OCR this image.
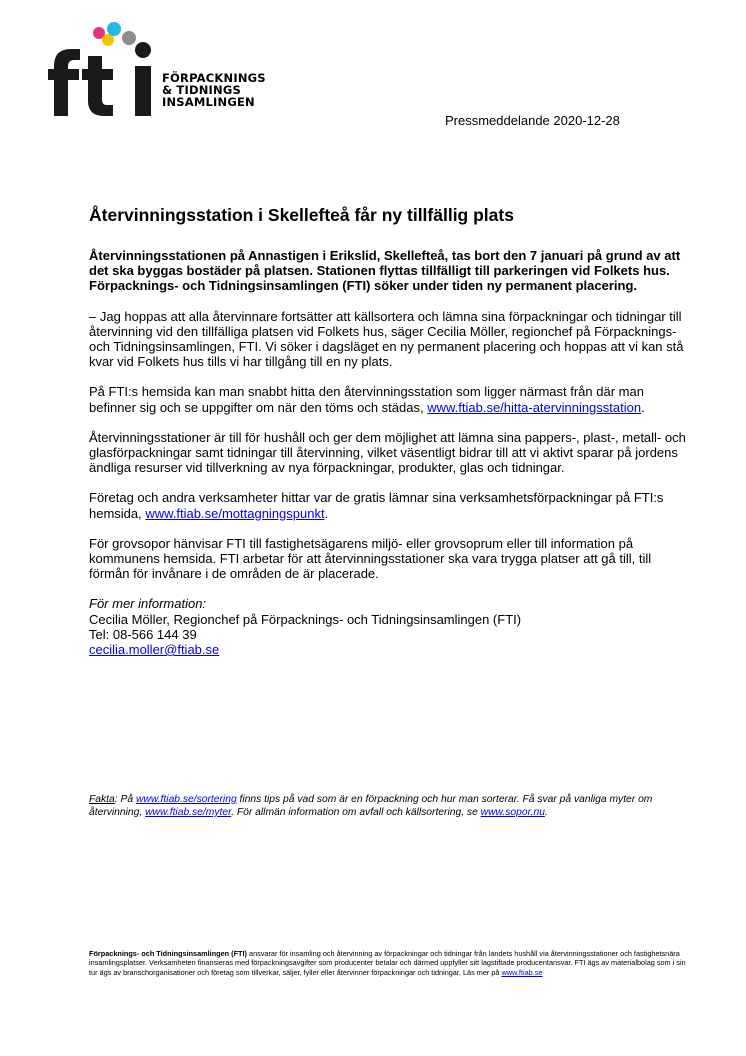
FÖRPACKNINGS
& TIDNINGS
INSAMLINGEN
Pressmeddelande 2020-12-28
Återvinningsstation i Skellefteå får ny tillfällig plats

Återvinningsstationen på Annastigen i Erikslid, Skellefteå, tas bort den 7 januari på grund av att det ska byggas bostäder på platsen. Stationen flyttas tillfälligt till parkeringen vid Folkets hus. Förpacknings- och Tidningsinsamlingen (FTI) söker under tiden ny permanent placering.

– Jag hoppas att alla återvinnare fortsätter att källsortera och lämna sina förpackningar och tidningar till återvinning vid den tillfälliga platsen vid Folkets hus, säger Cecilia Möller, regionchef på Förpacknings- och Tidningsinsamlingen, FTI. Vi söker i dagsläget en ny permanent placering och hoppas att vi kan stå kvar vid Folkets hus tills vi har tillgång till en ny plats.

På FTI:s hemsida kan man snabbt hitta den återvinningsstation som ligger närmast från där man befinner sig och se uppgifter om när den töms och städas, www.ftiab.se/hitta-atervinningsstation.

Återvinningsstationer är till för hushåll och ger dem möjlighet att lämna sina pappers-, plast-, metall- och glasförpackningar samt tidningar till återvinning, vilket väsentligt bidrar till att vi aktivt sparar på jordens ändliga resurser vid tillverkning av nya förpackningar, produkter, glas och tidningar.

Företag och andra verksamheter hittar var de gratis lämnar sina verksamhetsförpackningar på FTI:s hemsida, www.ftiab.se/mottagningspunkt.

För grovsopor hänvisar FTI till fastighetsägarens miljö- eller grovsoprum eller till information på kommunens hemsida. FTI arbetar för att återvinningsstationer ska vara trygga platser att gå till, till förmån för invånare i de områden de är placerade.

För mer information:
Cecilia Möller, Regionchef på Förpacknings- och Tidningsinsamlingen (FTI)
Tel: 08-566 144 39
cecilia.moller@ftiab.se
Fakta: På www.ftiab.se/sortering finns tips på vad som är en förpackning och hur man sorterar. Få svar på vanliga myter om återvinning, www.ftiab.se/myter. För allmän information om avfall och källsortering, se www.sopor.nu.
Förpacknings- och Tidningsinsamlingen (FTI) ansvarar för insamling och återvinning av förpackningar och tidningar från landets hushåll via återvinningsstationer och fastighetsnära insamlingsplatser. Verksamheten finansieras med förpackningsavgifter som producenter betalar och därmed uppfyller sitt lagstiftade producentansvar. FTI ägs av materialbolag som i sin tur ägs av branschorganisationer och företag som tillverkar, säljer, fyller eller återvinner förpackningar och tidningar. Läs mer på www.ftiab.se
